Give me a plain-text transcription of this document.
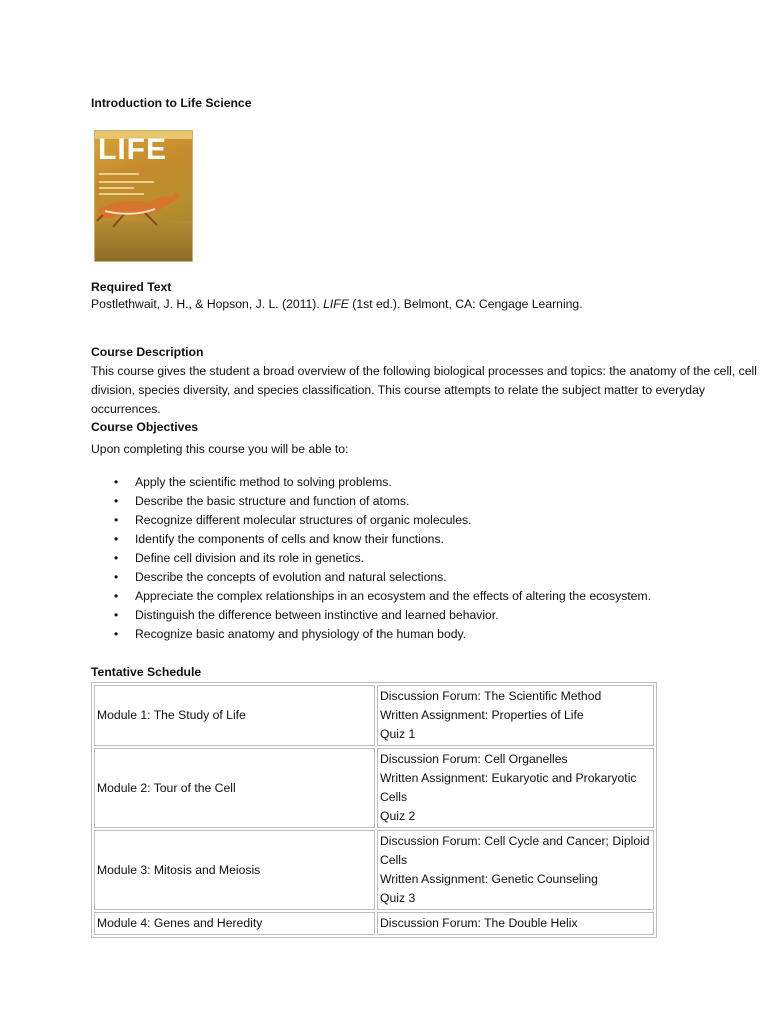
Introduction to Life Science
LIFE
Required Text
Postlethwait, J. H., & Hopson, J. L. (2011). LIFE (1st ed.). Belmont, CA: Cengage Learning.
Course Description
This course gives the student a broad overview of the following biological processes and topics: the anatomy of the cell, cell division, species diversity, and species classification. This course attempts to relate the subject matter to everyday occurrences.
Course Objectives
Upon completing this course you will be able to:
• Apply the scientific method to solving problems.
• Describe the basic structure and function of atoms.
• Recognize different molecular structures of organic molecules.
• Identify the components of cells and know their functions.
• Define cell division and its role in genetics.
• Describe the concepts of evolution and natural selections.
• Appreciate the complex relationships in an ecosystem and the effects of altering the ecosystem.
• Distinguish the difference between instinctive and learned behavior.
• Recognize basic anatomy and physiology of the human body.
Tentative Schedule
Module 1: The Study of Life	Discussion Forum: The Scientific Method
Written Assignment: Properties of Life
Quiz 1

Module 2: Tour of the Cell	Discussion Forum: Cell Organelles
Written Assignment: Eukaryotic and Prokaryotic Cells
Quiz 2

Module 3: Mitosis and Meiosis	Discussion Forum: Cell Cycle and Cancer; Diploid Cells
Written Assignment: Genetic Counseling
Quiz 3

Module 4: Genes and Heredity	Discussion Forum: The Double Helix
